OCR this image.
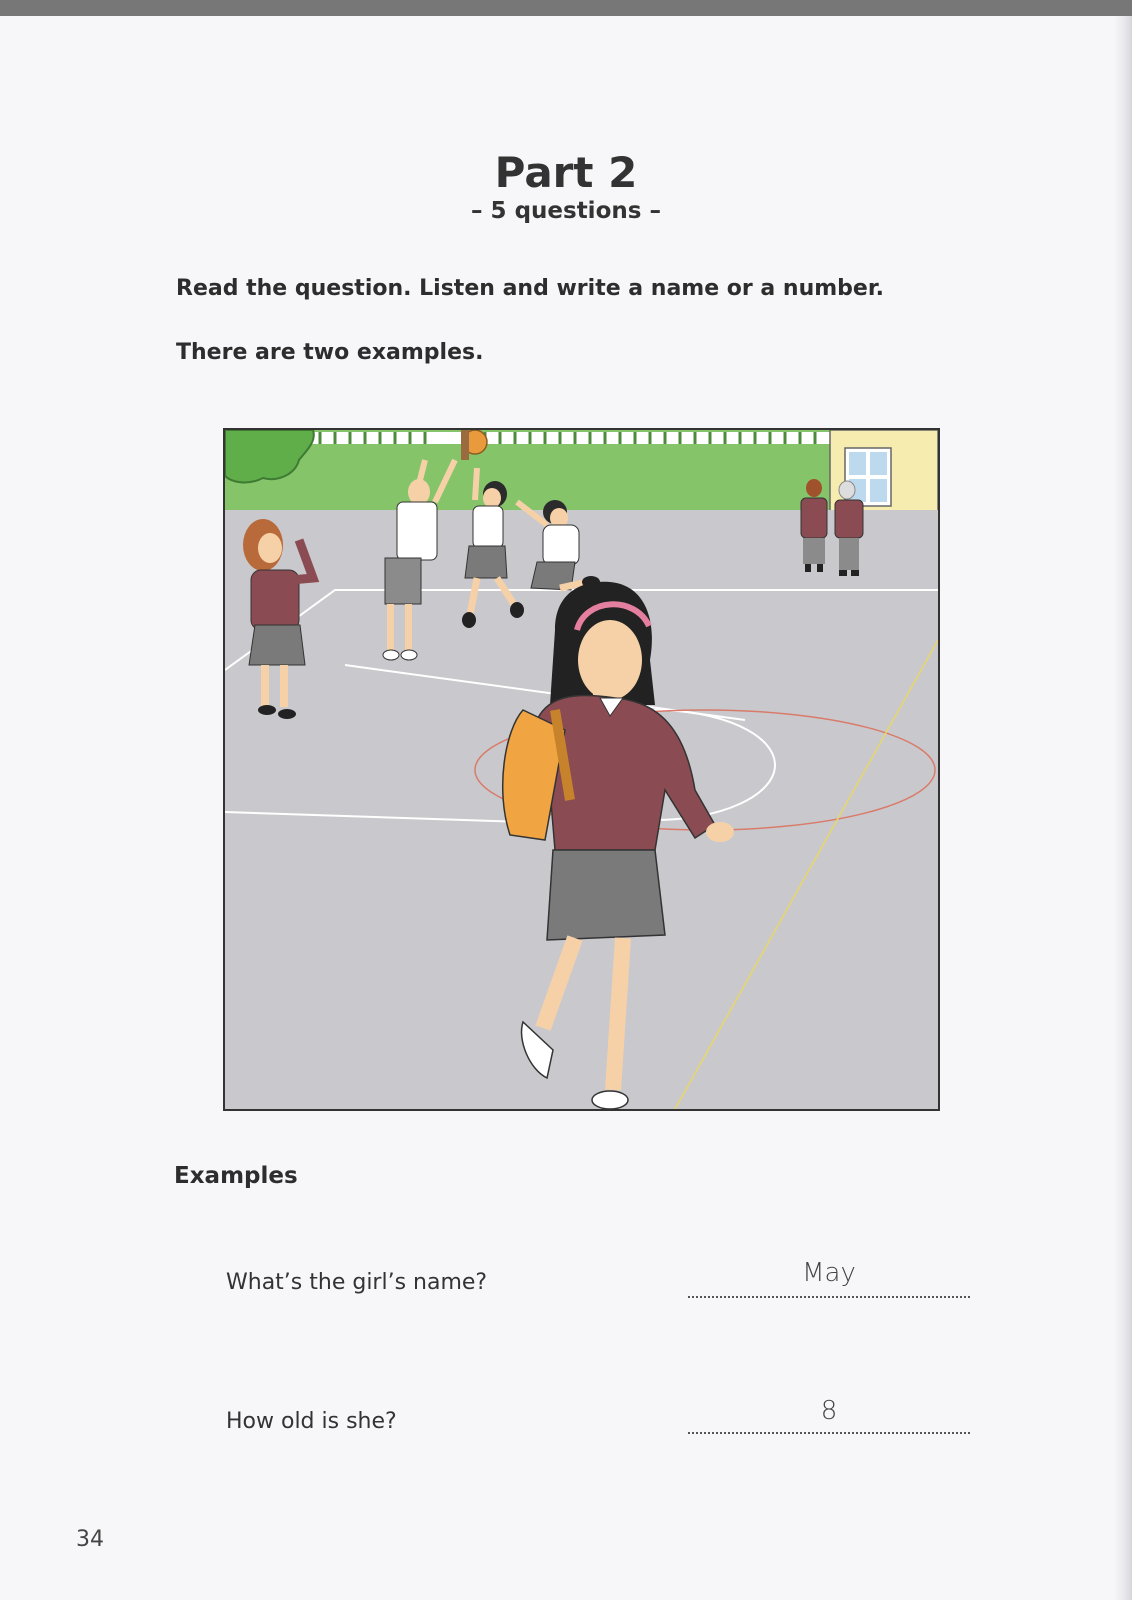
Part 2
– 5 questions –
Read the question. Listen and write a name or a number.
There are two examples.
Examples
What’s the girl’s name?	May
How old is she?	8
34
